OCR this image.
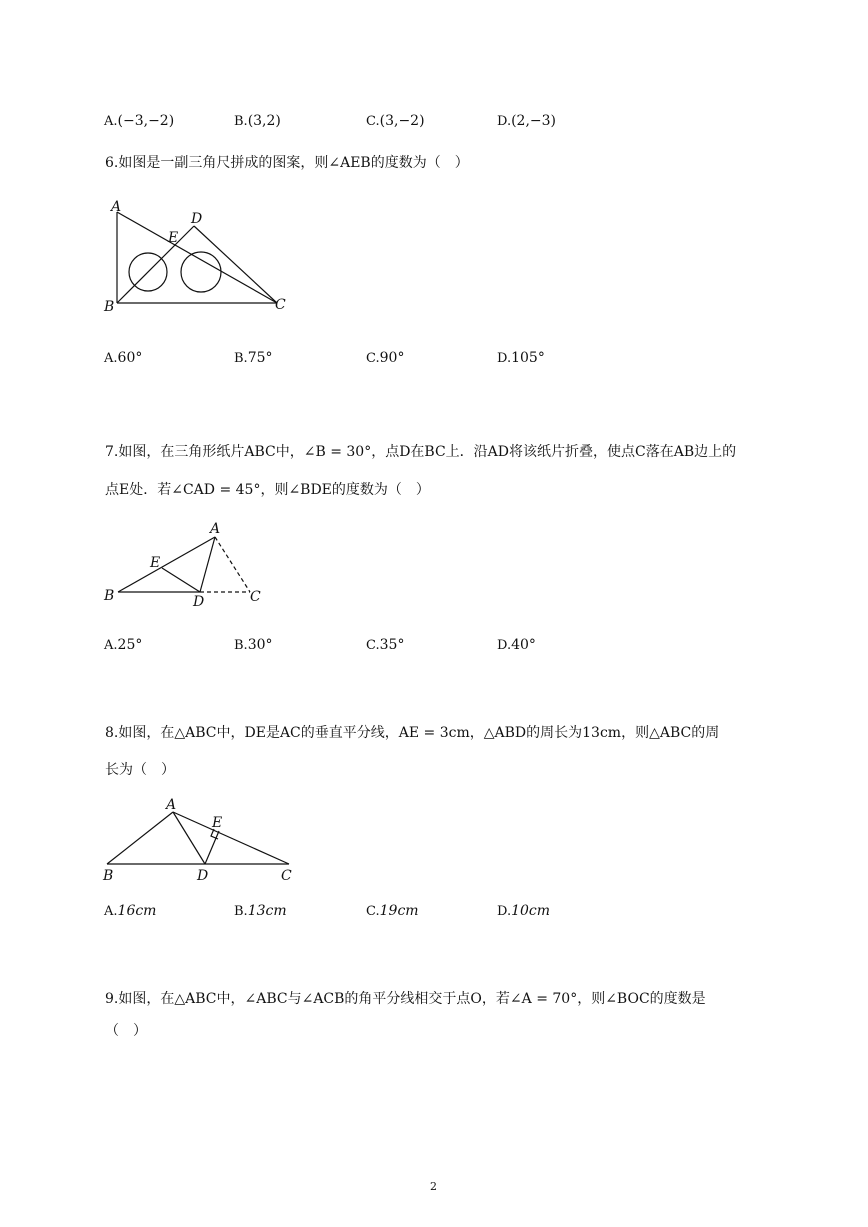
A.(−3,−2)	B.(3,2)	C.(3,−2)	D.(2,−3)
6.如图是一副三角尺拼成的图案，则∠AEB的度数为（　）
A
D
E
B	C
A.60°	B.75°	C.90°	D.105°
7.如图，在三角形纸片ABC中，∠B = 30°，点D在BC上．沿AD将该纸片折叠，使点C落在AB边上的
点E处．若∠CAD = 45°，则∠BDE的度数为（　）
A
E
B	D	C
A.25°	B.30°	C.35°	D.40°
8.如图，在△ABC中，DE是AC的垂直平分线，AE = 3cm，△ABD的周长为13cm，则△ABC的周
长为（　）
A
E
B	D	C
A.16cm	B.13cm	C.19cm	D.10cm
9.如图，在△ABC中，∠ABC与∠ACB的角平分线相交于点O，若∠A = 70°，则∠BOC的度数是
（　）
2
